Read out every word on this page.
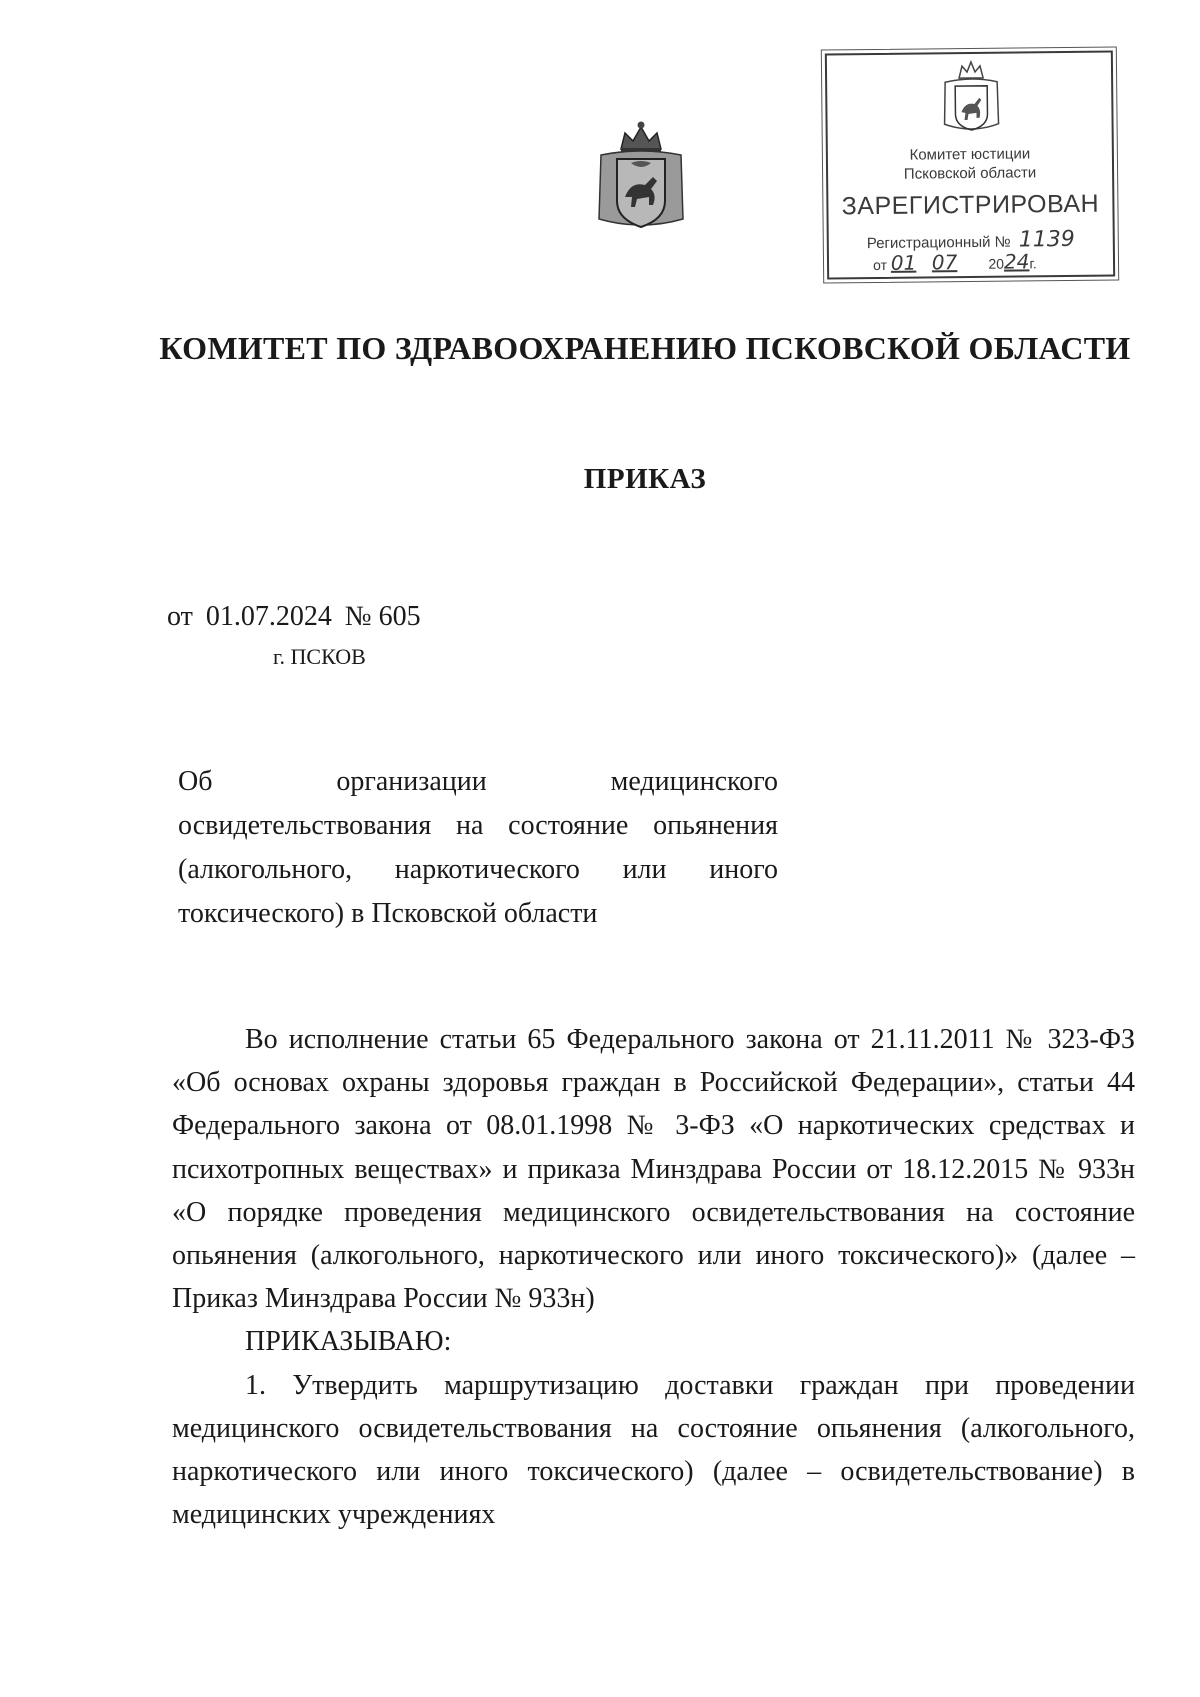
Комитет юстиции
Псковской области
ЗАРЕГИСТРИРОВАН
Регистрационный № 1139
от 01 07 2024г.
КОМИТЕТ ПО ЗДРАВООХРАНЕНИЮ ПСКОВСКОЙ ОБЛАСТИ
ПРИКАЗ
от 01.07.2024 № 605
г. ПСКОВ
Об организации медицинского освидетельствования на состояние опьянения (алкогольного, наркотического или иного токсического) в Псковской области

Во исполнение статьи 65 Федерального закона от 21.11.2011 № 323-ФЗ «Об основах охраны здоровья граждан в Российской Федерации», статьи 44 Федерального закона от 08.01.1998 № 3-ФЗ «О наркотических средствах и психотропных веществах» и приказа Минздрава России от 18.12.2015 № 933н «О порядке проведения медицинского освидетельствования на состояние опьянения (алкогольного, наркотического или иного токсического)» (далее – Приказ Минздрава России № 933н)

ПРИКАЗЫВАЮ:

1. Утвердить маршрутизацию доставки граждан при проведении медицинского освидетельствования на состояние опьянения (алкогольного, наркотического или иного токсического) (далее – освидетельствование) в медицинских учреждениях
